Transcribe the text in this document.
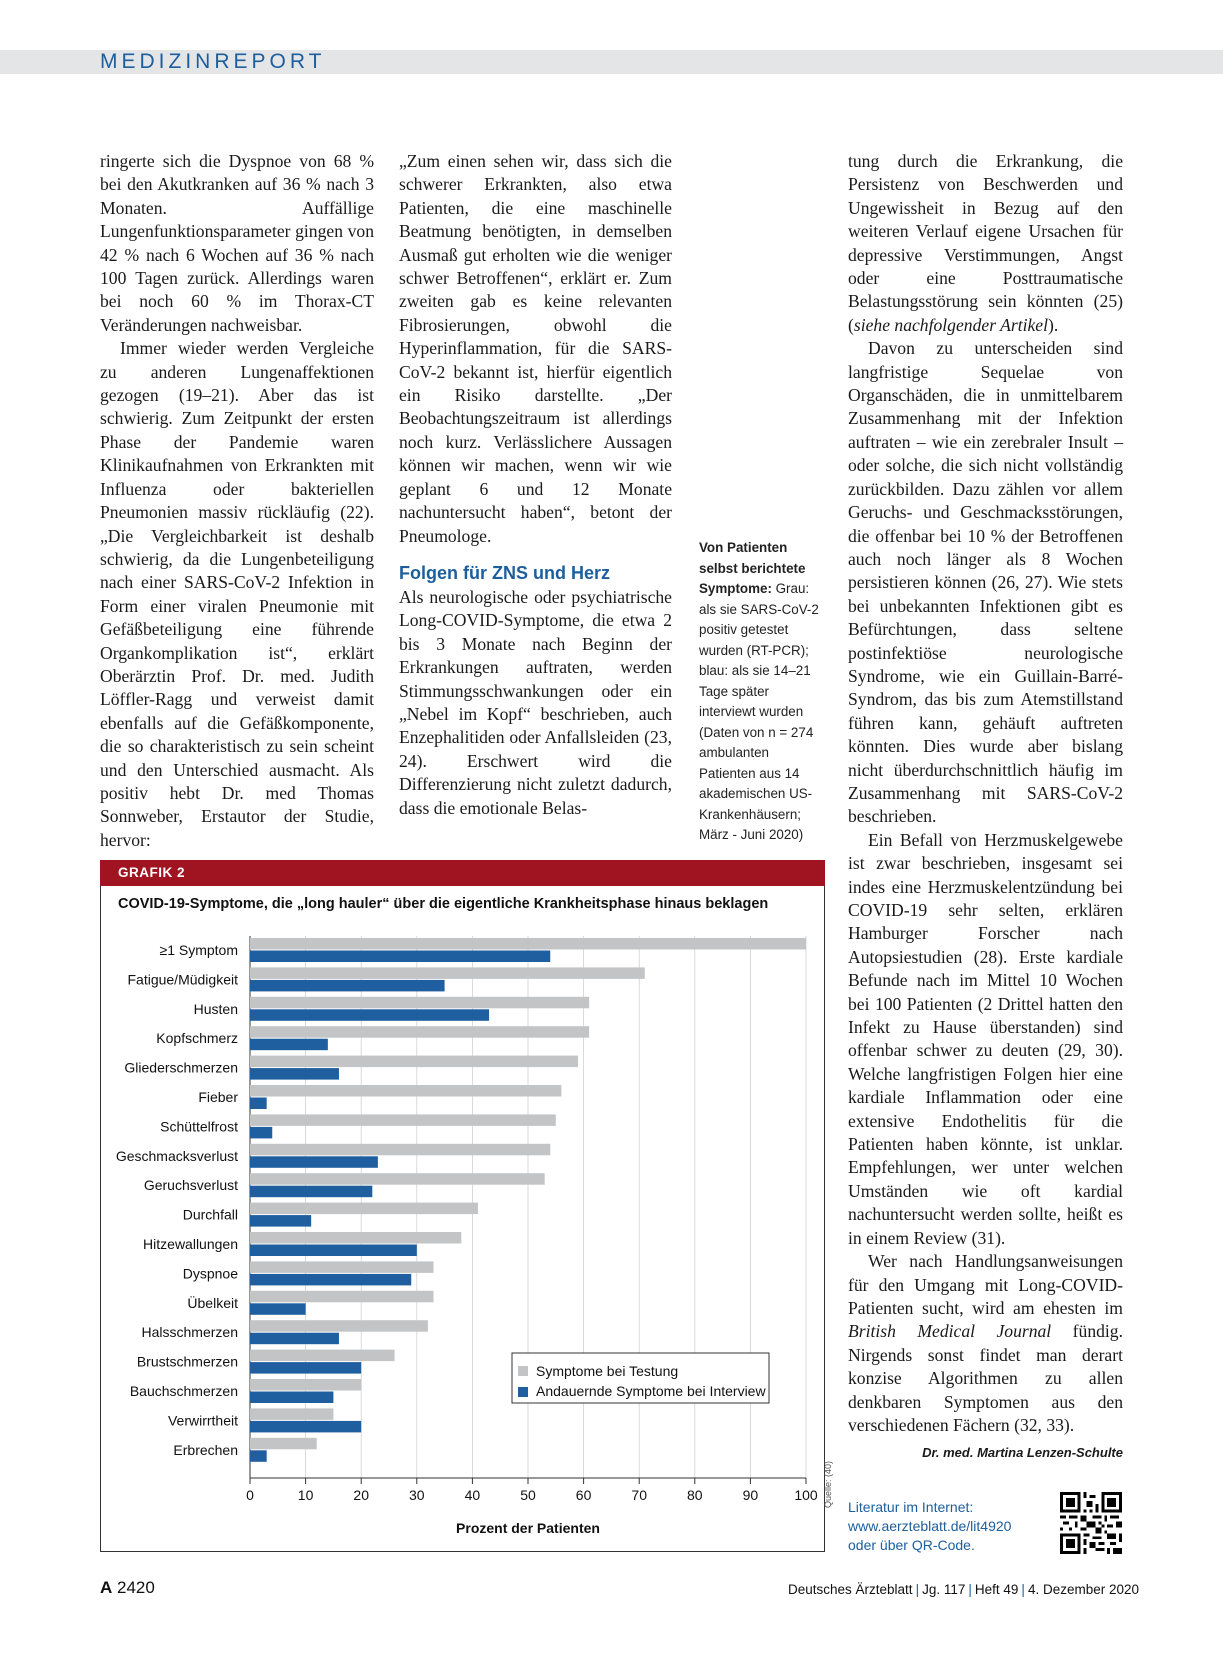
MEDIZINREPORT

ringerte sich die Dyspnoe von 68 % bei den Akutkranken auf 36 % nach 3 Monaten. Auffällige Lungenfunktionsparameter gingen von 42 % nach 6 Wochen auf 36 % nach 100 Tagen zurück. Allerdings waren bei noch 60 % im Thorax-CT Veränderungen nachweisbar.

Immer wieder werden Vergleiche zu anderen Lungenaffektionen gezogen (19–21). Aber das ist schwierig. Zum Zeitpunkt der ersten Phase der Pandemie waren Klinikaufnahmen von Erkrankten mit Influenza oder bakteriellen Pneumonien massiv rückläufig (22). „Die Vergleichbarkeit ist deshalb schwierig, da die Lungenbeteiligung nach einer SARS-CoV-2 Infektion in Form einer viralen Pneumonie mit Gefäßbeteiligung eine führende Organkomplikation ist“, erklärt Oberärztin Prof. Dr. med. Judith Löffler-Ragg und verweist damit ebenfalls auf die Gefäßkomponente, die so charakteristisch zu sein scheint und den Unterschied ausmacht. Als positiv hebt Dr. med Thomas Sonnweber, Erstautor der Studie, hervor:

„Zum einen sehen wir, dass sich die schwerer Erkrankten, also etwa Patienten, die eine maschinelle Beatmung benötigten, in demselben Ausmaß gut erholten wie die weniger schwer Betroffenen“, erklärt er. Zum zweiten gab es keine relevanten Fibrosierungen, obwohl die Hyperinflammation, für die SARS-CoV-2 bekannt ist, hierfür eigentlich ein Risiko darstellte. „Der Beobachtungszeitraum ist allerdings noch kurz. Verlässlichere Aussagen können wir machen, wenn wir wie geplant 6 und 12 Monate nachuntersucht haben“, betont der Pneumologe.

Folgen für ZNS und Herz

Als neurologische oder psychiatrische Long-COVID-Symptome, die etwa 2 bis 3 Monate nach Beginn der Erkrankungen auftraten, werden Stimmungsschwankungen oder ein „Nebel im Kopf“ beschrieben, auch Enzephalitiden oder Anfallsleiden (23, 24). Erschwert wird die Differenzierung nicht zuletzt dadurch, dass die emotionale Belas-

Von Patienten selbst berichtete Symptome: Grau: als sie SARS-CoV-2 positiv getestet wurden (RT-PCR); blau: als sie 14–21 Tage später interviewt wurden (Daten von n = 274 ambulanten Patienten aus 14 akademischen US-Krankenhäusern; März - Juni 2020)

tung durch die Erkrankung, die Persistenz von Beschwerden und Ungewissheit in Bezug auf den weiteren Verlauf eigene Ursachen für depressive Verstimmungen, Angst oder eine Posttraumatische Belastungsstörung sein könnten (25) (siehe nachfolgender Artikel).

Davon zu unterscheiden sind langfristige Sequelae von Organschäden, die in unmittelbarem Zusammenhang mit der Infektion auftraten – wie ein zerebraler Insult – oder solche, die sich nicht vollständig zurückbilden. Dazu zählen vor allem Geruchs- und Geschmacksstörungen, die offenbar bei 10 % der Betroffenen auch noch länger als 8 Wochen persistieren können (26, 27). Wie stets bei unbekannten Infektionen gibt es Befürchtungen, dass seltene postinfektiöse neurologische Syndrome, wie ein Guillain-Barré-Syndrom, das bis zum Atemstillstand führen kann, gehäuft auftreten könnten. Dies wurde aber bislang nicht überdurchschnittlich häufig im Zusammenhang mit SARS-CoV-2 beschrieben.

Ein Befall von Herzmuskelgewebe ist zwar beschrieben, insgesamt sei indes eine Herzmuskelentzündung bei COVID-19 sehr selten, erklären Hamburger Forscher nach Autopsiestudien (28). Erste kardiale Befunde nach im Mittel 10 Wochen bei 100 Patienten (2 Drittel hatten den Infekt zu Hause überstanden) sind offenbar schwer zu deuten (29, 30). Welche langfristigen Folgen hier eine kardiale Inflammation oder eine extensive Endothelitis für die Patienten haben könnte, ist unklar. Empfehlungen, wer unter welchen Umständen wie oft kardial nachuntersucht werden sollte, heißt es in einem Review (31).

Wer nach Handlungsanweisungen für den Umgang mit Long-COVID-Patienten sucht, wird am ehesten im British Medical Journal fündig. Nirgends sonst findet man derart konzise Algorithmen zu allen denkbaren Symptomen aus den verschiedenen Fächern (32, 33).

Dr. med. Martina Lenzen-Schulte
GRAFIK 2
COVID-19-Symptome, die „long hauler“ über die eigentliche Krankheitsphase hinaus beklagen
≥1 Symptom
Fatigue/Müdigkeit
Husten
Kopfschmerz
Gliederschmerzen
Fieber
Schüttelfrost
Geschmacksverlust
Geruchsverlust
Durchfall
Hitzewallungen
Dyspnoe
Übelkeit
Halsschmerzen
Brustschmerzen
Bauchschmerzen
Verwirrtheit
Erbrechen
0	10	20	30	40	50	60	70	80	90	100
Prozent der Patienten
Symptome bei Testung
Andauernde Symptome bei Interview
Quelle: (40) Literatur im Internet:
www.aerzteblatt.de/lit4920
oder über QR-Code.
A 2420	Deutsches Ärzteblatt | Jg. 117 | Heft 49 | 4. Dezember 2020
